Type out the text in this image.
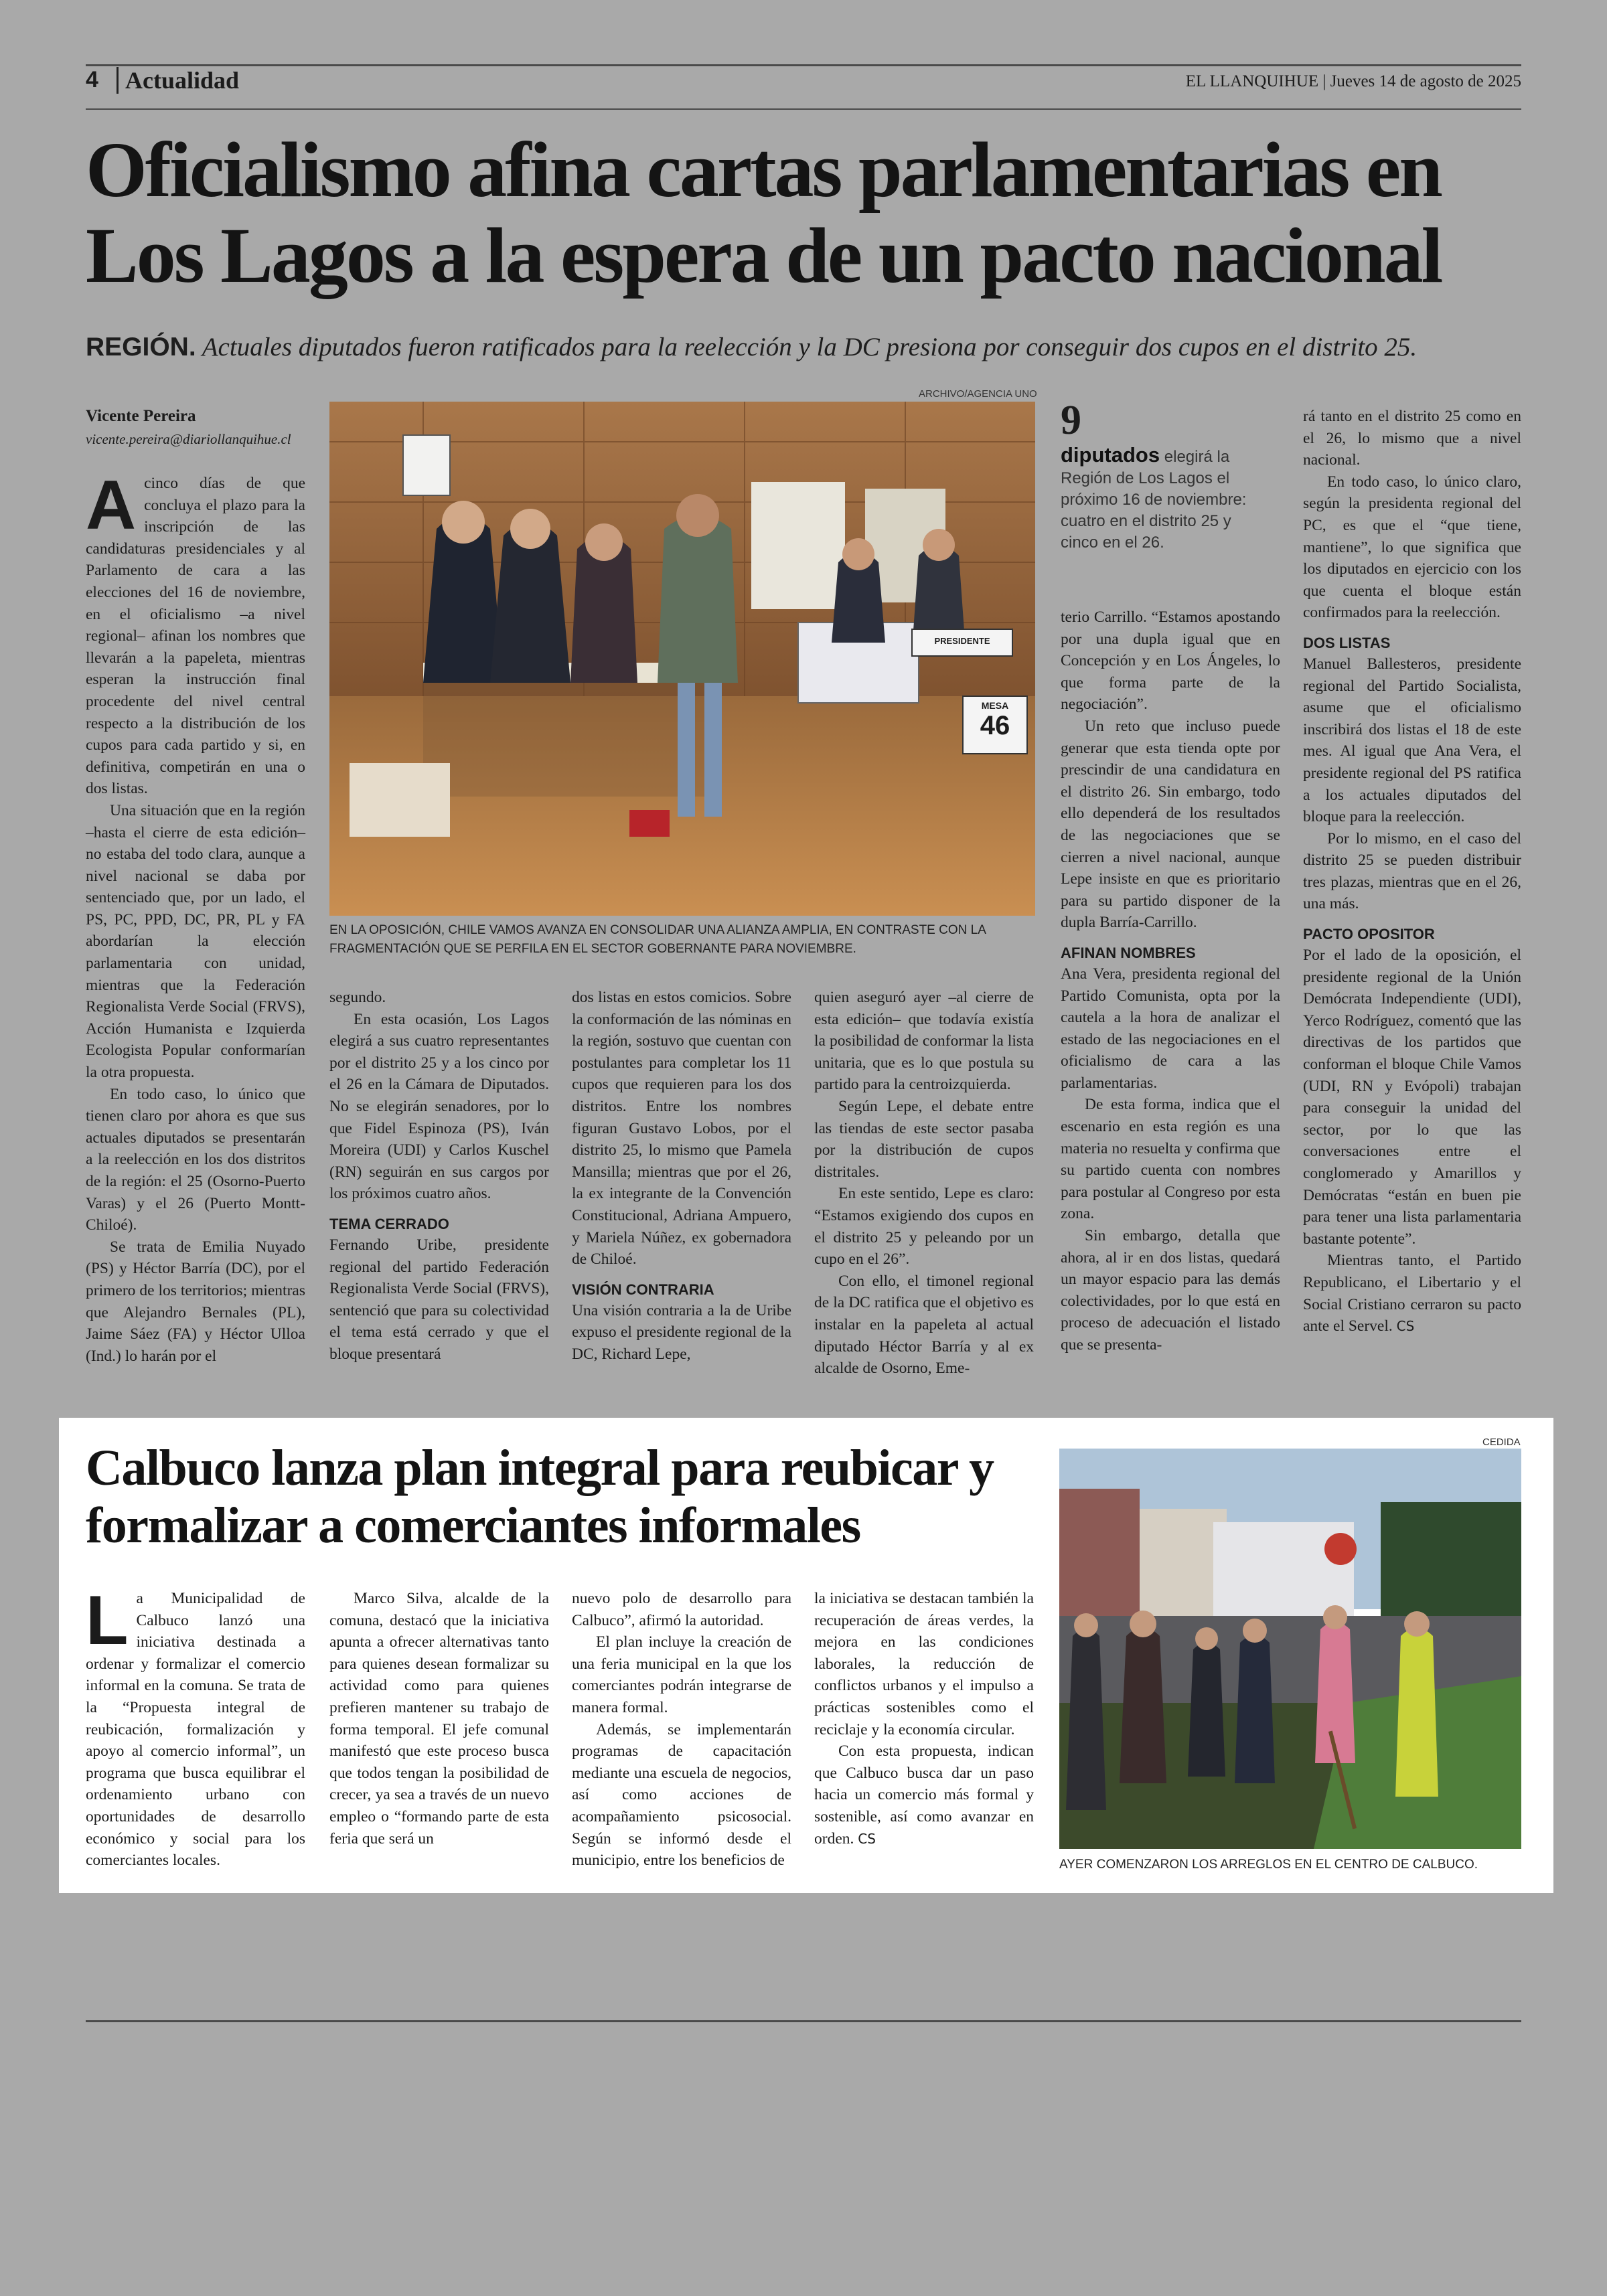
4	Actualidad	EL LLANQUIHUE | Jueves 14 de agosto de 2025
Oficialismo afina cartas parlamentarias en Los Lagos a la espera de un pacto nacional
REGIÓN. Actuales diputados fueron ratificados para la reelección y la DC presiona por conseguir dos cupos en el distrito 25.
Vicente Pereira
vicente.pereira@diariollanquihue.cl

Acinco días de que concluya el plazo para la inscripción de las candidaturas presidenciales y al Parlamento de cara a las elecciones del 16 de noviembre, en el oficialismo –a nivel regional– afinan los nombres que llevarán a la papeleta, mientras esperan la instrucción final procedente del nivel central respecto a la distribución de los cupos para cada partido y si, en definitiva, competirán en una o dos listas.

Una situación que en la región –hasta el cierre de esta edición– no estaba del todo clara, aunque a nivel nacional se daba por sentenciado que, por un lado, el PS, PC, PPD, DC, PR, PL y FA abordarían la elección parlamentaria con unidad, mientras que la Federación Regionalista Verde Social (FRVS), Acción Humanista e Izquierda Ecologista Popular conformarían la otra propuesta.

En todo caso, lo único que tienen claro por ahora es que sus actuales diputados se presentarán a la reelección en los dos distritos de la región: el 25 (Osorno-Puerto Varas) y el 26 (Puerto Montt-Chiloé).

Se trata de Emilia Nuyado (PS) y Héctor Barría (DC), por el primero de los territorios; mientras que Alejandro Bernales (PL), Jaime Sáez (FA) y Héctor Ulloa (Ind.) lo harán por el

ARCHIVO/AGENCIA UNO
MESA
46
PRESIDENTE
EN LA OPOSICIÓN, CHILE VAMOS AVANZA EN CONSOLIDAR UNA ALIANZA AMPLIA, EN CONTRASTE CON LA FRAGMENTACIÓN QUE SE PERFILA EN EL SECTOR GOBERNANTE PARA NOVIEMBRE.

segundo.

En esta ocasión, Los Lagos elegirá a sus cuatro representantes por el distrito 25 y a los cinco por el 26 en la Cámara de Diputados. No se elegirán senadores, por lo que Fidel Espinoza (PS), Iván Moreira (UDI) y Carlos Kuschel (RN) seguirán en sus cargos por los próximos cuatro años.

TEMA CERRADO

Fernando Uribe, presidente regional del partido Federación Regionalista Verde Social (FRVS), sentenció que para su colectividad el tema está cerrado y que el bloque presentará

dos listas en estos comicios. Sobre la conformación de las nóminas en la región, sostuvo que cuentan con postulantes para completar los 11 cupos que requieren para los dos distritos. Entre los nombres figuran Gustavo Lobos, por el distrito 25, lo mismo que Pamela Mansilla; mientras que por el 26, la ex integrante de la Convención Constitucional, Adriana Ampuero, y Mariela Núñez, ex gobernadora de Chiloé.

VISIÓN CONTRARIA

Una visión contraria a la de Uribe expuso el presidente regional de la DC, Richard Lepe,

quien aseguró ayer –al cierre de esta edición– que todavía existía la posibilidad de conformar la lista unitaria, que es lo que postula su partido para la centroizquierda.

Según Lepe, el debate entre las tiendas de este sector pasaba por la distribución de cupos distritales.

En este sentido, Lepe es claro: “Estamos exigiendo dos cupos en el distrito 25 y peleando por un cupo en el 26”.

Con ello, el timonel regional de la DC ratifica que el objetivo es instalar en la papeleta al actual diputado Héctor Barría y al ex alcalde de Osorno, Eme-

9
diputados elegirá la Región de Los Lagos el próximo 16 de noviembre: cuatro en el distrito 25 y cinco en el 26.

terio Carrillo. “Estamos apostando por una dupla igual que en Concepción y en Los Ángeles, lo que forma parte de la negociación”.

Un reto que incluso puede generar que esta tienda opte por prescindir de una candidatura en el distrito 26. Sin embargo, todo ello dependerá de los resultados de las negociaciones que se cierren a nivel nacional, aunque Lepe insiste en que es prioritario para su partido disponer de la dupla Barría-Carrillo.

AFINAN NOMBRES

Ana Vera, presidenta regional del Partido Comunista, opta por la cautela a la hora de analizar el estado de las negociaciones en el oficialismo de cara a las parlamentarias.

De esta forma, indica que el escenario en esta región es una materia no resuelta y confirma que su partido cuenta con nombres para postular al Congreso por esta zona.

Sin embargo, detalla que ahora, al ir en dos listas, quedará un mayor espacio para las demás colectividades, por lo que está en proceso de adecuación el listado que se presenta-

rá tanto en el distrito 25 como en el 26, lo mismo que a nivel nacional.

En todo caso, lo único claro, según la presidenta regional del PC, es que el “que tiene, mantiene”, lo que significa que los diputados en ejercicio con los que cuenta el bloque están confirmados para la reelección.

DOS LISTAS

Manuel Ballesteros, presidente regional del Partido Socialista, asume que el oficialismo inscribirá dos listas el 18 de este mes. Al igual que Ana Vera, el presidente regional del PS ratifica a los actuales diputados del bloque para la reelección.

Por lo mismo, en el caso del distrito 25 se pueden distribuir tres plazas, mientras que en el 26, una más.

PACTO OPOSITOR

Por el lado de la oposición, el presidente regional de la Unión Demócrata Independiente (UDI), Yerco Rodríguez, comentó que las directivas de los partidos que conforman el bloque Chile Vamos (UDI, RN y Evópoli) trabajan para conseguir la unidad del sector, por lo que las conversaciones entre el conglomerado y Amarillos y Demócratas “están en buen pie para tener una lista parlamentaria bastante potente”.

Mientras tanto, el Partido Republicano, el Libertario y el Social Cristiano cerraron su pacto ante el Servel. CS

Calbuco lanza plan integral para reubicar y formalizar a comerciantes informales

La Municipalidad de Calbuco lanzó una iniciativa destinada a ordenar y formalizar el comercio informal en la comuna. Se trata de la “Propuesta integral de reubicación, formalización y apoyo al comercio informal”, un programa que busca equilibrar el ordenamiento urbano con oportunidades de desarrollo económico y social para los comerciantes locales.

Marco Silva, alcalde de la comuna, destacó que la iniciativa apunta a ofrecer alternativas tanto para quienes desean formalizar su actividad como para quienes prefieren mantener su trabajo de forma temporal. El jefe comunal manifestó que este proceso busca que todos tengan la posibilidad de crecer, ya sea a través de un nuevo empleo o “formando parte de esta feria que será un

nuevo polo de desarrollo para Calbuco”, afirmó la autoridad.

El plan incluye la creación de una feria municipal en la que los comerciantes podrán integrarse de manera formal.

Además, se implementarán programas de capacitación mediante una escuela de negocios, así como acciones de acompañamiento psicosocial. Según se informó desde el municipio, entre los beneficios de

la iniciativa se destacan también la recuperación de áreas verdes, la mejora en las condiciones laborales, la reducción de conflictos urbanos y el impulso a prácticas sostenibles como el reciclaje y la economía circular.

Con esta propuesta, indican que Calbuco busca dar un paso hacia un comercio más formal y sostenible, así como avanzar en orden. CS

CEDIDA
AYER COMENZARON LOS ARREGLOS EN EL CENTRO DE CALBUCO.
